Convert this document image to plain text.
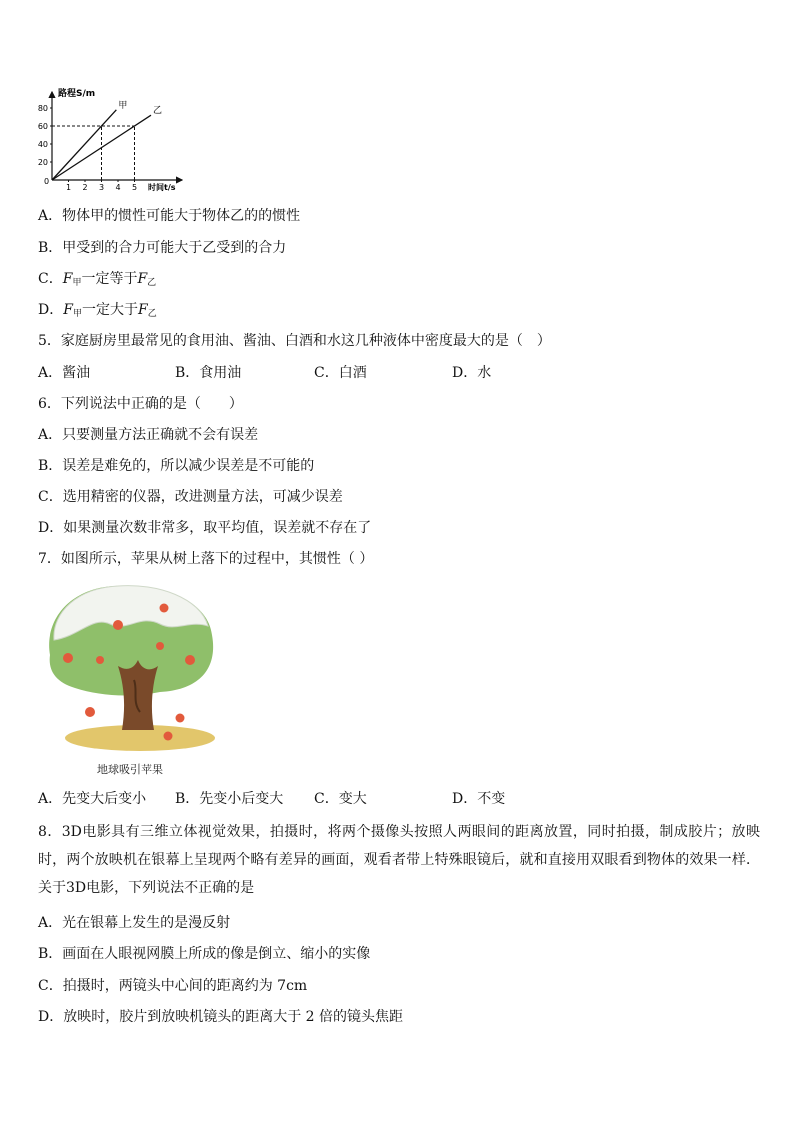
路程S/m
时间t/s
0
20
40
60
80
1 2 3 4 5
甲
乙
A．物体甲的惯性可能大于物体乙的的惯性
B．甲受到的合力可能大于乙受到的合力
C．$F_甲$一定等于$F_乙$
D．$F_甲$一定大于$F_乙$
5．家庭厨房里最常见的食用油、酱油、白酒和水这几种液体中密度最大的是（　）
A．酱油	B．食用油	C．白酒	D．水
6．下列说法中正确的是（　　）
A．只要测量方法正确就不会有误差
B．误差是难免的，所以减少误差是不可能的
C．选用精密的仪器，改进测量方法，可减少误差
D．如果测量次数非常多，取平均值，误差就不存在了
7．如图所示，苹果从树上落下的过程中，其惯性（ ）
地球吸引苹果
A．先变大后变小 B．先变小后变大 C．变大	D．不变
8．3D电影具有三维立体视觉效果，拍摄时，将两个摄像头按照人两眼间的距离放置，同时拍摄，制成胶片；放映时，两个放映机在银幕上呈现两个略有差异的画面，观看者带上特殊眼镜后，就和直接用双眼看到物体的效果一样．关于3D电影，下列说法不正确的是
A．光在银幕上发生的是漫反射
B．画面在人眼视网膜上所成的像是倒立、缩小的实像
C．拍摄时，两镜头中心间的距离约为 7cm
D．放映时，胶片到放映机镜头的距离大于 2 倍的镜头焦距
